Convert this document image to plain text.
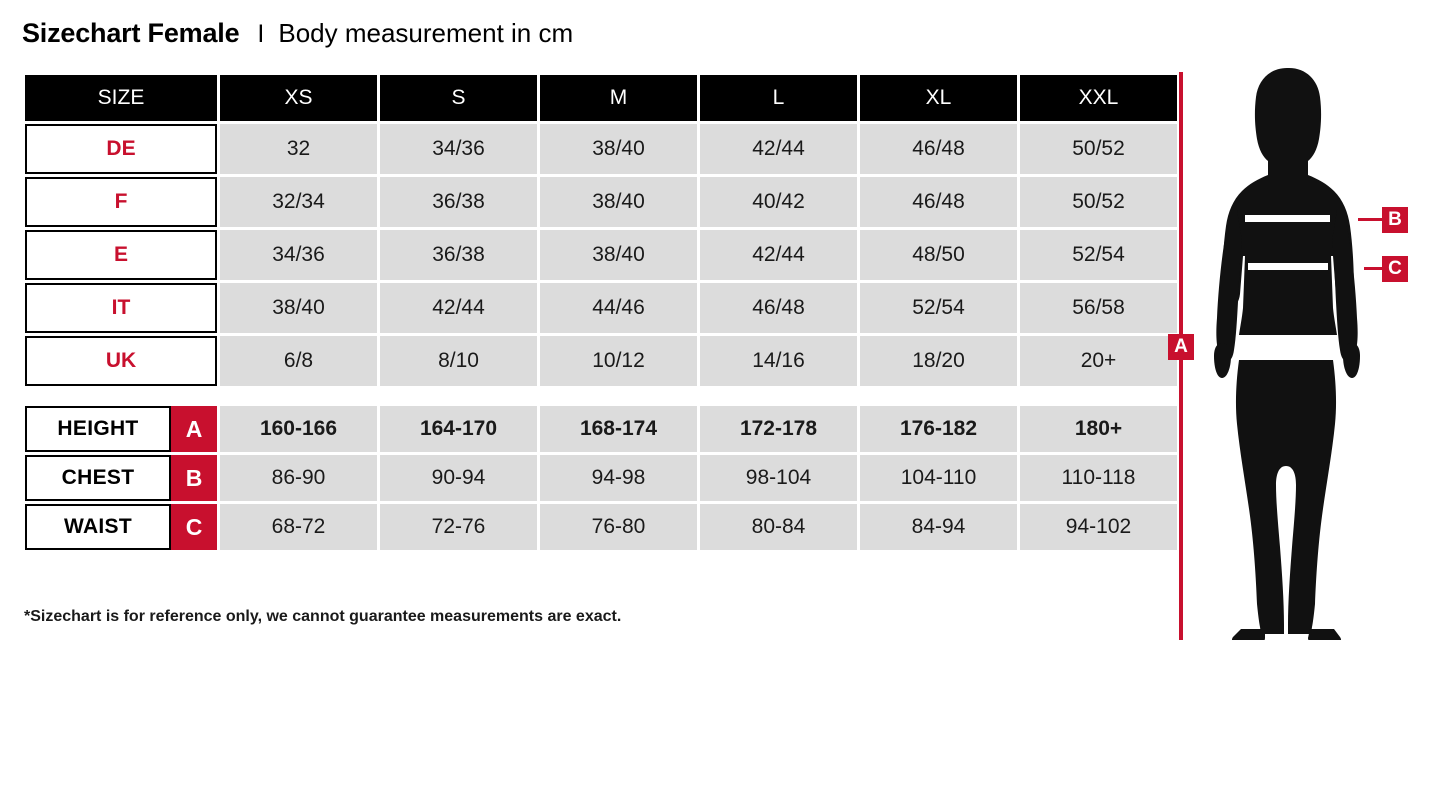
Sizechart Female I Body measurement in cm
SIZE	XS	S	M	L	XL	XXL
DE	32	34/36	38/40	42/44	46/48	50/52
F	32/34	36/38	38/40	40/42	46/48	50/52
E	34/36	36/38	38/40	42/44	48/50	52/54
IT	38/40	42/44	44/46	46/48	52/54	56/58
UK	6/8	8/10	10/12	14/16	18/20	20+

HEIGHT A	160-166	164-170	168-174	172-178	176-182	180+

CHEST B	86-90	90-94	94-98	98-104	104-110	110-118

WAIST C	68-72	72-76	76-80	80-84	84-94	94-102
*Sizechart is for reference only, we cannot guarantee measurements are exact.
A
B
C
